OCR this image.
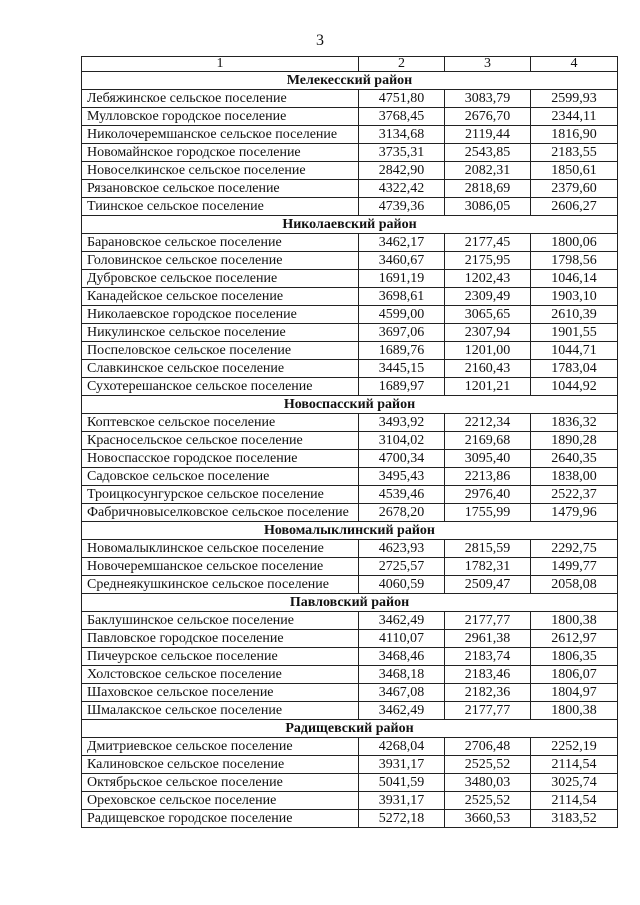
3
1	2	3	4
Мелекесский район			
Лебяжинское сельское поселение	4751,80	3083,79	2599,93
Мулловское городское поселение	3768,45	2676,70	2344,11
Николочеремшанское сельское поселение	3134,68	2119,44	1816,90
Новомайнское городское поселение	3735,31	2543,85	2183,55
Новоселкинское сельское поселение	2842,90	2082,31	1850,61
Рязановское сельское поселение	4322,42	2818,69	2379,60
Тиинское сельское поселение	4739,36	3086,05	2606,27
Николаевский район			
Барановское сельское поселение	3462,17	2177,45	1800,06
Головинское сельское поселение	3460,67	2175,95	1798,56
Дубровское сельское поселение	1691,19	1202,43	1046,14
Канадейское сельское поселение	3698,61	2309,49	1903,10
Николаевское городское поселение	4599,00	3065,65	2610,39
Никулинское сельское поселение	3697,06	2307,94	1901,55
Поспеловское сельское поселение	1689,76	1201,00	1044,71
Славкинское сельское поселение	3445,15	2160,43	1783,04
Сухотерешанское сельское поселение	1689,97	1201,21	1044,92
Новоспасский район			
Коптевское сельское поселение	3493,92	2212,34	1836,32
Красносельское сельское поселение	3104,02	2169,68	1890,28
Новоспасское городское поселение	4700,34	3095,40	2640,35
Садовское сельское поселение	3495,43	2213,86	1838,00
Троицкосунгурское сельское поселение	4539,46	2976,40	2522,37
Фабричновыселковское сельское поселение	2678,20	1755,99	1479,96
Новомалыклинский район			
Новомалыклинское сельское поселение	4623,93	2815,59	2292,75
Новочеремшанское сельское поселение	2725,57	1782,31	1499,77
Среднеякушкинское сельское поселение	4060,59	2509,47	2058,08
Павловский район			
Баклушинское сельское поселение	3462,49	2177,77	1800,38
Павловское городское поселение	4110,07	2961,38	2612,97
Пичеурское сельское поселение	3468,46	2183,74	1806,35
Холстовское сельское поселение	3468,18	2183,46	1806,07
Шаховское сельское поселение	3467,08	2182,36	1804,97
Шмалакское сельское поселение	3462,49	2177,77	1800,38
Радищевский район			
Дмитриевское сельское поселение	4268,04	2706,48	2252,19
Калиновское сельское поселение	3931,17	2525,52	2114,54
Октябрьское сельское поселение	5041,59	3480,03	3025,74
Ореховское сельское поселение	3931,17	2525,52	2114,54
Радищевское городское поселение	5272,18	3660,53	3183,52
